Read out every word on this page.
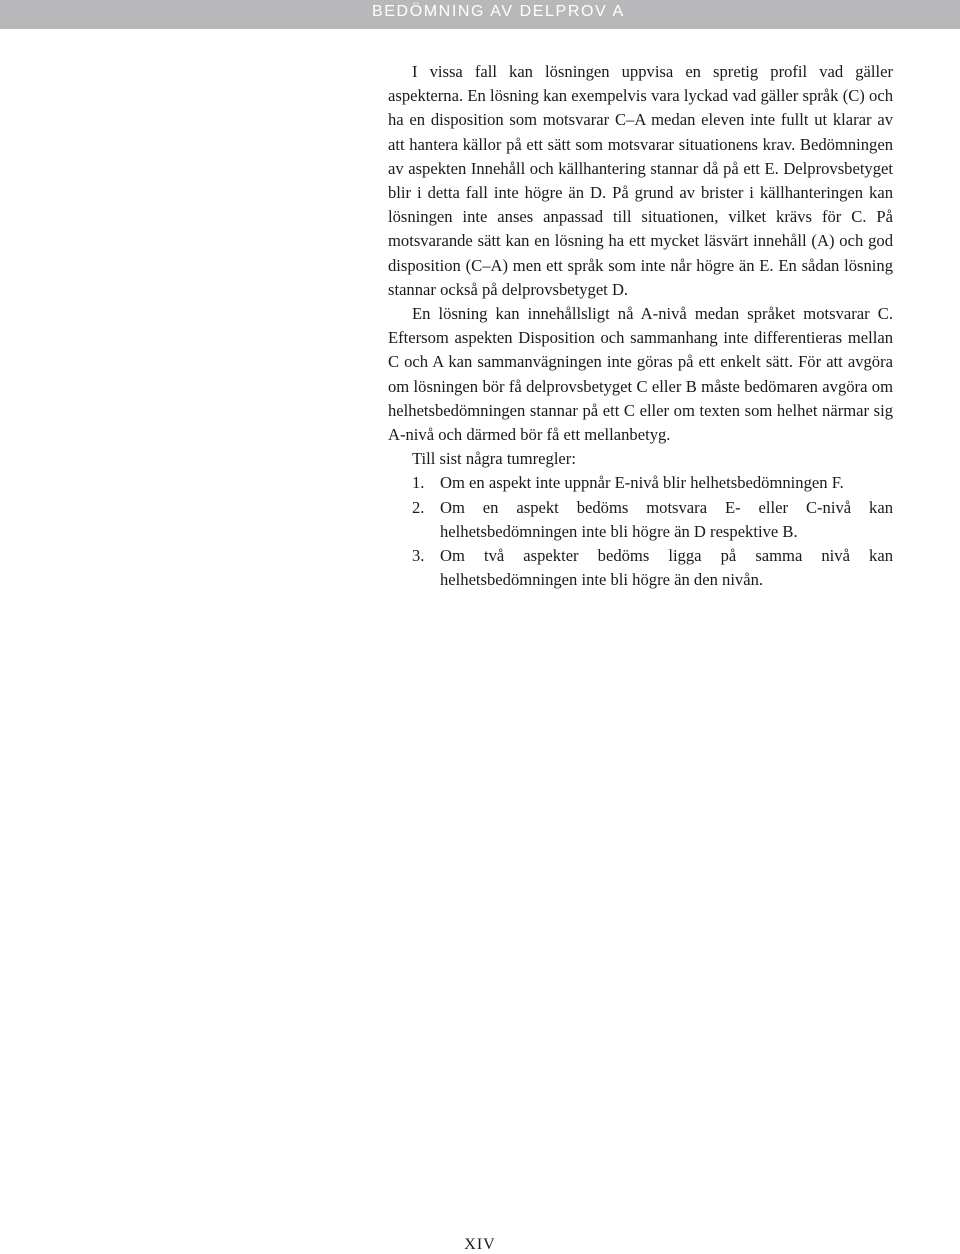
BEDÖMNING AV DELPROV A

I vissa fall kan lösningen uppvisa en spretig profil vad gäller aspekterna. En lösning kan exempelvis vara lyckad vad gäller språk (C) och ha en disposition som motsvarar C–A medan eleven inte fullt ut klarar av att hantera källor på ett sätt som motsvarar situationens krav. Bedömningen av aspekten Innehåll och källhantering stannar då på ett E. Delprovsbetyget blir i detta fall inte högre än D. På grund av brister i källhanteringen kan lösningen inte anses anpassad till situationen, vilket krävs för C. På motsvarande sätt kan en lösning ha ett mycket läsvärt innehåll (A) och god disposition (C–A) men ett språk som inte når högre än E. En sådan lösning stannar också på delprovsbetyget D.

En lösning kan innehållsligt nå A-nivå medan språket motsvarar C. Eftersom aspekten Disposition och sammanhang inte differentieras mellan C och A kan sammanvägningen inte göras på ett enkelt sätt. För att avgöra om lösningen bör få delprovsbetyget C eller B måste bedömaren avgöra om helhetsbedömningen stannar på ett C eller om texten som helhet närmar sig A-nivå och därmed bör få ett mellanbetyg.

Till sist några tumregler:

1. Om en aspekt inte uppnår E-nivå blir helhetsbedömningen F.
2. Om en aspekt bedöms motsvara E- eller C-nivå kan helhetsbedömningen inte bli högre än D respektive B.
3. Om två aspekter bedöms ligga på samma nivå kan helhetsbedömningen inte bli högre än den nivån.
XIV
